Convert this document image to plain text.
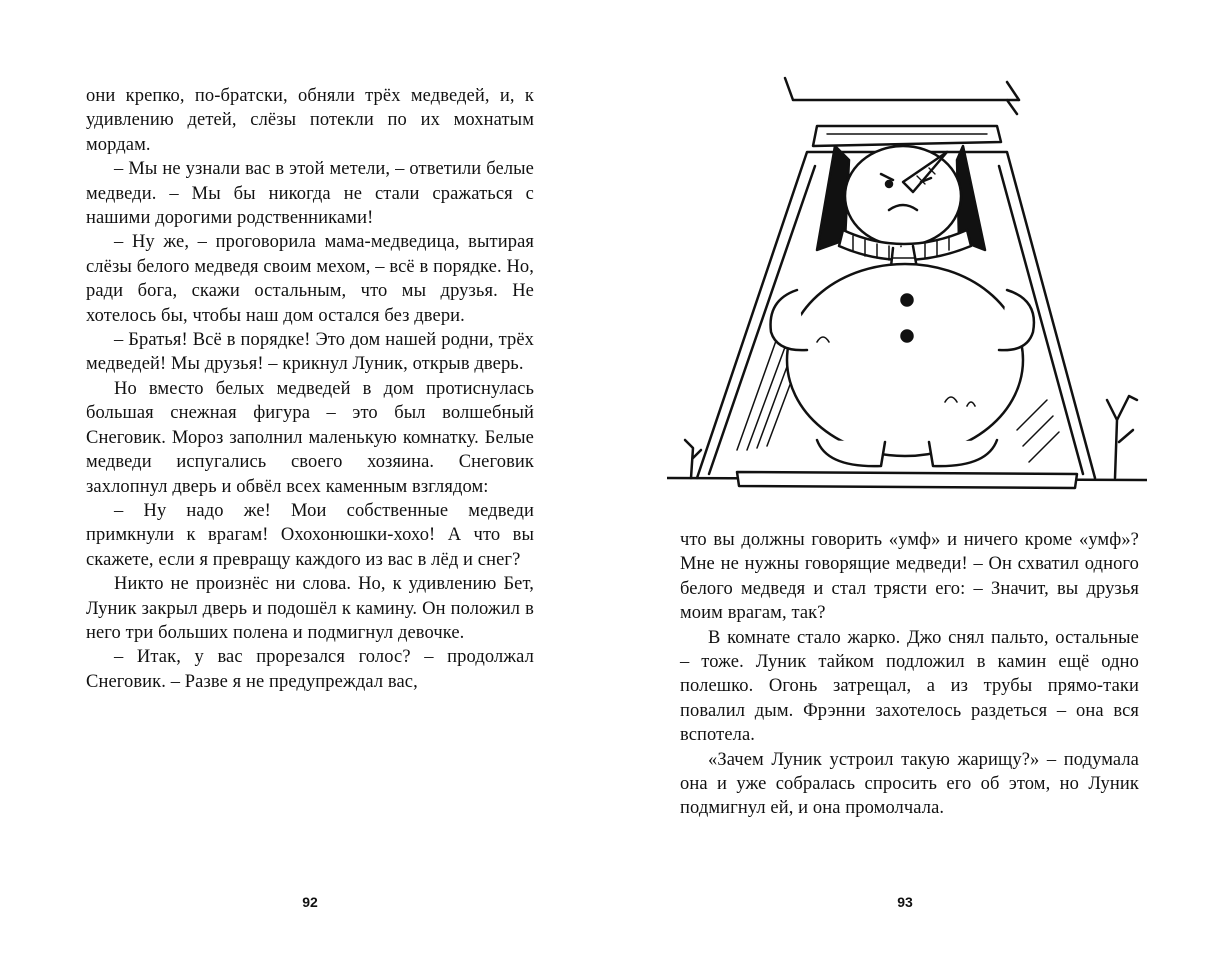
они крепко, по-братски, обняли трёх медведей, и, к удивлению детей, слёзы потекли по их мохнатым мордам.

– Мы не узнали вас в этой метели, – ответили белые медведи. – Мы бы никогда не стали сражаться с нашими дорогими родственниками!

– Ну же, – проговорила мама-медведица, вытирая слёзы белого медведя своим мехом, – всё в порядке. Но, ради бога, скажи остальным, что мы друзья. Не хотелось бы, чтобы наш дом остался без двери.

– Братья! Всё в порядке! Это дом нашей родни, трёх медведей! Мы друзья! – крикнул Луник, открыв дверь.

Но вместо белых медведей в дом протиснулась большая снежная фигура – это был волшебный Снеговик. Мороз заполнил маленькую комнатку. Белые медведи испугались своего хозяина. Снеговик захлопнул дверь и обвёл всех каменным взглядом:

– Ну надо же! Мои собственные медведи примкнули к врагам! Охохонюшки-хохо! А что вы скажете, если я превращу каждого из вас в лёд и снег?

Никто не произнёс ни слова. Но, к удивлению Бет, Луник закрыл дверь и подошёл к камину. Он положил в него три больших полена и подмигнул девочке.

– Итак, у вас прорезался голос? – продолжал Снеговик. – Разве я не предупреждал вас,

92

что вы должны говорить «умф» и ничего кроме «умф»? Мне не нужны говорящие медведи! – Он схватил одного белого медведя и стал трясти его: – Значит, вы друзья моим врагам, так?

В комнате стало жарко. Джо снял пальто, остальные – тоже. Луник тайком подложил в камин ещё одно полешко. Огонь затрещал, а из трубы прямо-таки повалил дым. Фрэнни захотелось раздеться – она вся вспотела.

«Зачем Луник устроил такую жарищу?» – подумала она и уже собралась спросить его об этом, но Луник подмигнул ей, и она промолчала.

93
